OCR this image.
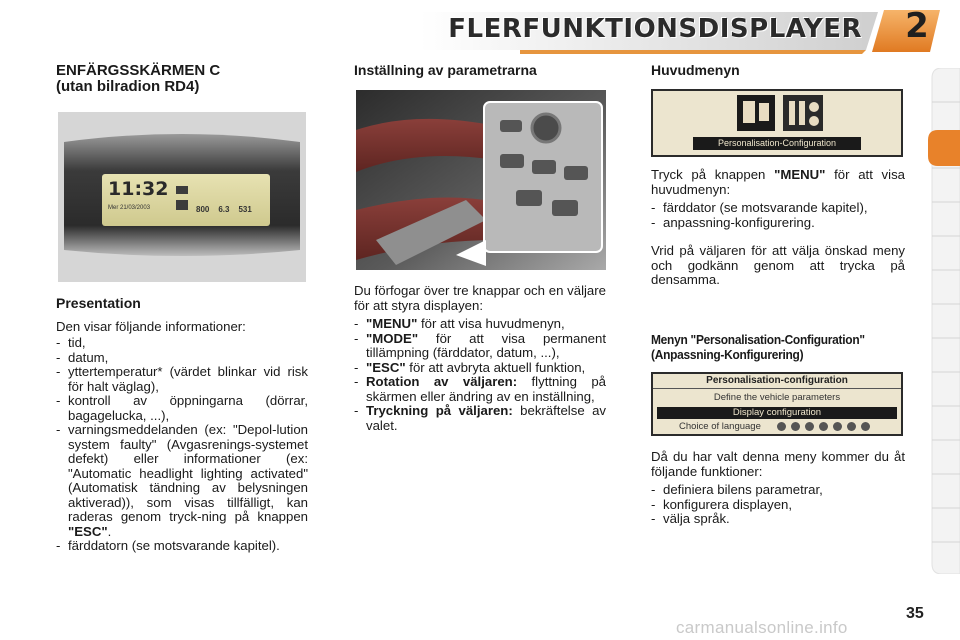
FLERFUNKTIONSDISPLAYER 2
ENFÄRGSSKÄRMEN C
(utan bilradion RD4)
11:32
Mer 21/03/2003	800 6.3 531
Presentation

Den visar följande informationer:

- tid,
- datum,
- yttertemperatur* (värdet blinkar vid risk för halt väglag),
- kontroll av öppningarna (dörrar, bagagelucka, ...),
- varningsmeddelanden (ex: "Depol-lution system faulty" (Avgasrenings-systemet defekt) eller informationer (ex: "Automatic headlight lighting activated" (Automatisk tändning av belysningen aktiverad)), som visas tillfälligt, kan raderas genom tryck-ning på knappen "ESC".
- färddatorn (se motsvarande kapitel).
Inställning av parametrarna

Du förfogar över tre knappar och en väljare för att styra displayen:

- "MENU" för att visa huvudmenyn,
- "MODE" för att visa permanent tillämpning (färddator, datum, ...),
- "ESC" för att avbryta aktuell funktion,
- Rotation av väljaren: flyttning på skärmen eller ändring av en inställning,
- Tryckning på väljaren: bekräftelse av valet.
Huvudmenyn
Personalisation-Configuration

Tryck på knappen "MENU" för att visa huvudmenyn:

- färddator (se motsvarande kapitel),
- anpassning-konfigurering.

Vrid på väljaren för att välja önskad meny och godkänn genom att trycka på densamma.

Menyn "Personalisation-Configuration"
(Anpassning-Konfigurering)
Personalisation-configuration
Define the vehicle parameters
Display configuration
Choice of language

Då du har valt denna meny kommer du åt följande funktioner:

- definiera bilens parametrar,
- konfigurera displayen,
- välja språk.
35
carmanualsonline.info
